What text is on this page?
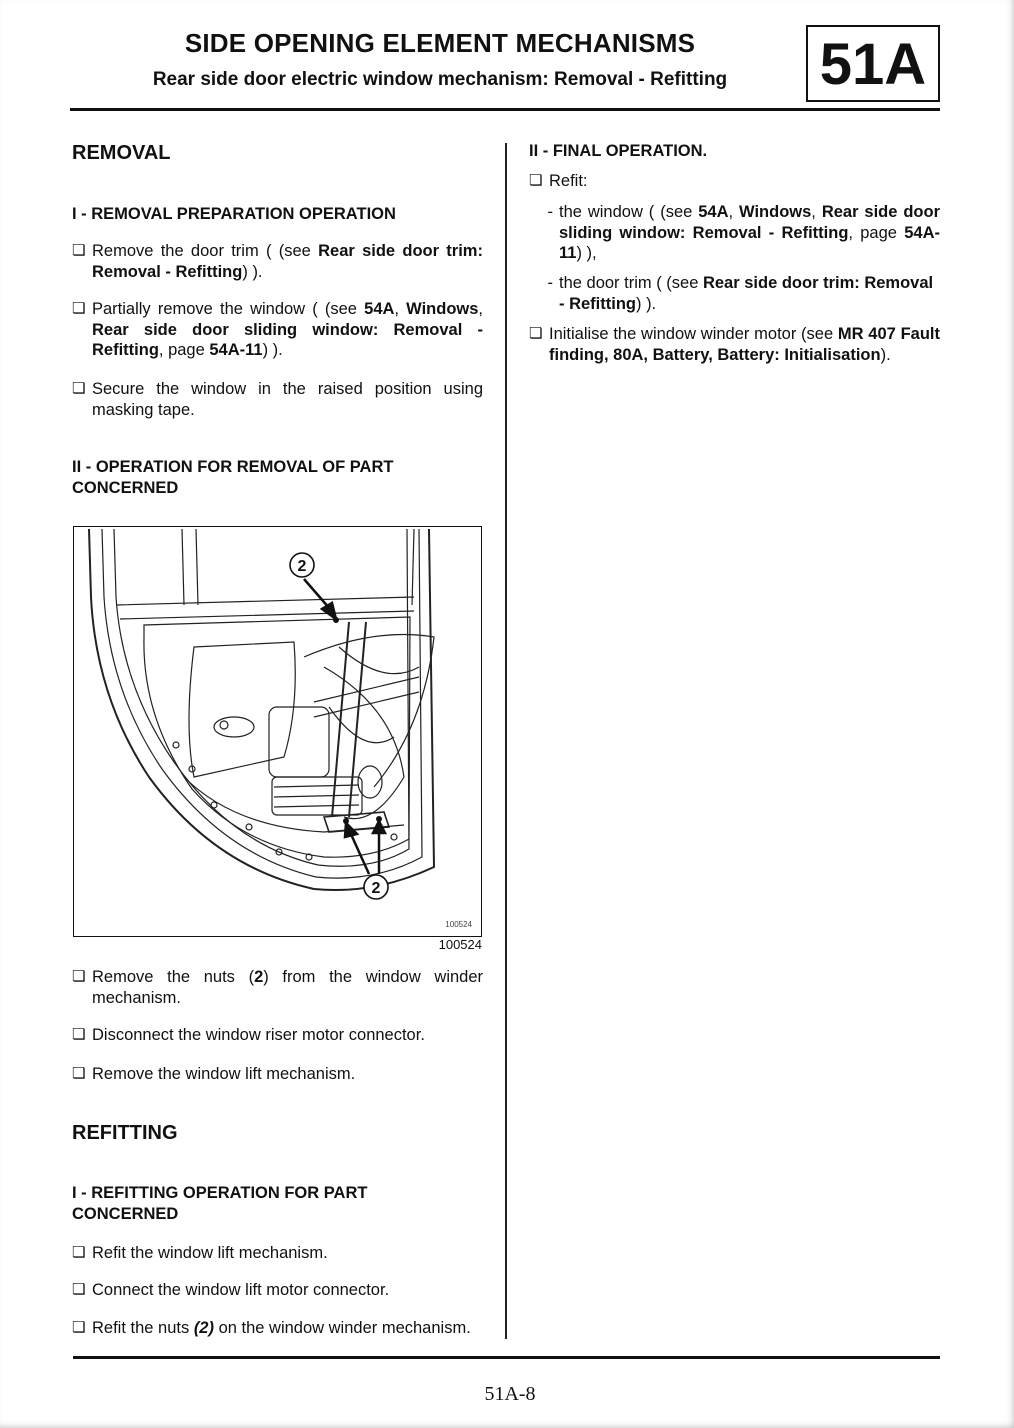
SIDE OPENING ELEMENT MECHANISMS
Rear side door electric window mechanism: Removal - Refitting	51A
REMOVAL
I - REMOVAL PREPARATION OPERATION
❏ Remove the door trim ( (see Rear side door trim: Removal - Refitting) ).
❏ Partially remove the window ( (see 54A, Windows, Rear side door sliding window: Removal - Refitting, page 54A-11) ).
❏ Secure the window in the raised position using masking tape.
II - OPERATION FOR REMOVAL OF PART CONCERNED
2
2
100524
100524
❏ Remove the nuts (2) from the window winder mechanism.
❏ Disconnect the window riser motor connector.
❏ Remove the window lift mechanism.
REFITTING
I - REFITTING OPERATION FOR PART CONCERNED
❏ Refit the window lift mechanism.
❏ Connect the window lift motor connector.
❏ Refit the nuts (2) on the window winder mechanism.
II - FINAL OPERATION.
❏ Refit:
- the window ( (see 54A, Windows, Rear side door sliding window: Removal - Refitting, page 54A-11) ),
- the door trim ( (see Rear side door trim: Removal - Refitting) ).
❏ Initialise the window winder motor (see MR 407 Fault finding, 80A, Battery, Battery: Initialisation).
51A-8
